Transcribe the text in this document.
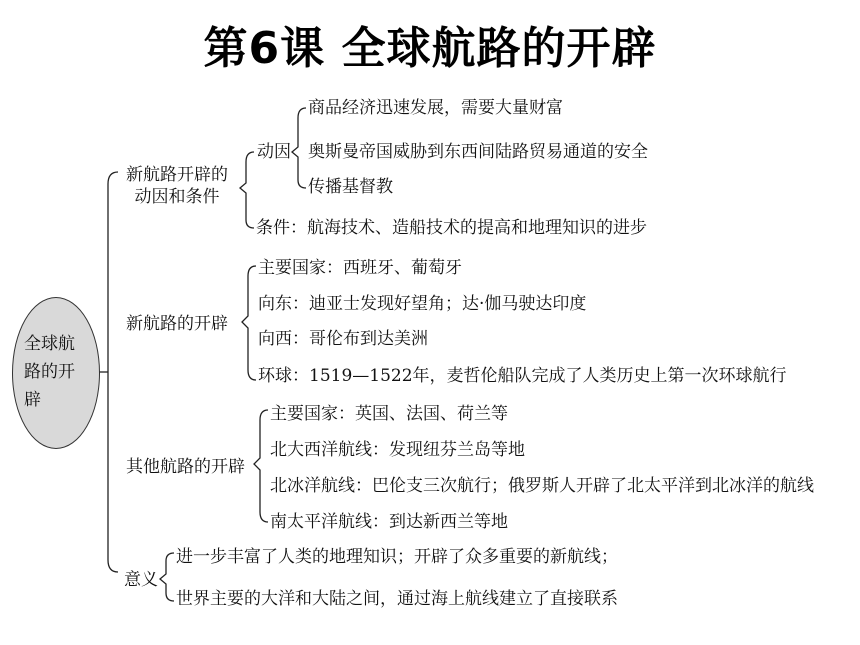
第6课 全球航路的开辟
全球航
路的开
辟
新航路开辟的
动因和条件
动因
商品经济迅速发展，需要大量财富
奥斯曼帝国威胁到东西间陆路贸易通道的安全
传播基督教
条件：航海技术、造船技术的提高和地理知识的进步
新航路的开辟
主要国家：西班牙、葡萄牙
向东：迪亚士发现好望角；达·伽马驶达印度
向西：哥伦布到达美洲
环球：1519—1522年，麦哲伦船队完成了人类历史上第一次环球航行
其他航路的开辟
主要国家：英国、法国、荷兰等
北大西洋航线：发现纽芬兰岛等地
北冰洋航线：巴伦支三次航行；俄罗斯人开辟了北太平洋到北冰洋的航线
南太平洋航线：到达新西兰等地
意义
进一步丰富了人类的地理知识；开辟了众多重要的新航线；
世界主要的大洋和大陆之间，通过海上航线建立了直接联系
